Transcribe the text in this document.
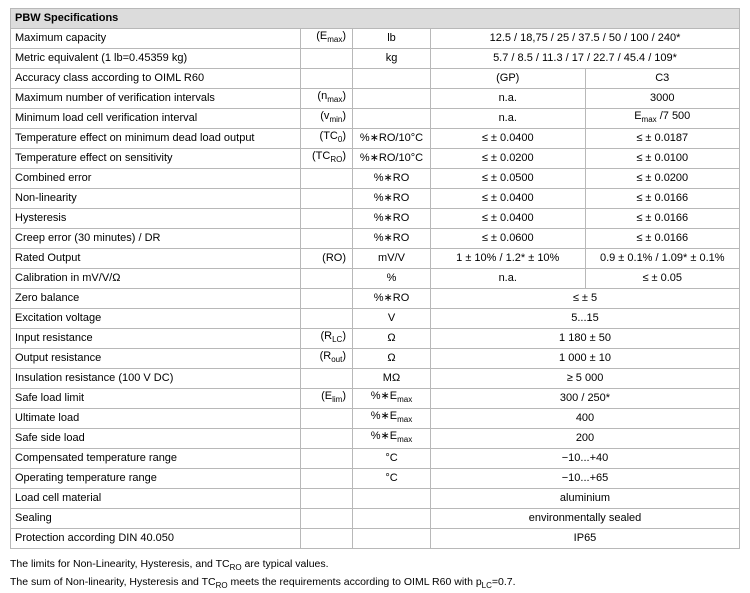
PBW Specifications				
Maximum capacity	$(E_{max})$	lb	12.5 / 18,75 / 25 / 37.5 / 50 / 100 / 240*	
Metric equivalent (1 lb=0.45359 kg)		kg	5.7 / 8.5 / 11.3 / 17 / 22.7 / 45.4 / 109*	
Accuracy class according to OIML R60			(GP)	C3
Maximum number of verification intervals	$(n_{max})$		n.a.	3000
Minimum load cell verification interval	$(v_{min})$		n.a.	$E_{max}$ /7 500
Temperature effect on minimum dead load output	$(TC_0)$	%∗RO/10°C	≤ ± 0.0400	≤ ± 0.0187
Temperature effect on sensitivity	$(TC_{RO})$	%∗RO/10°C	≤ ± 0.0200	≤ ± 0.0100
Combined error		%∗RO	≤ ± 0.0500	≤ ± 0.0200
Non-linearity		%∗RO	≤ ± 0.0400	≤ ± 0.0166
Hysteresis		%∗RO	≤ ± 0.0400	≤ ± 0.0166
Creep error (30 minutes) / DR		%∗RO	≤ ± 0.0600	≤ ± 0.0166
Rated Output	(RO)	mV/V	1 ± 10% / 1.2* ± 10%	0.9 ± 0.1% / 1.09* ± 0.1%
Calibration in mV/V/Ω		%	n.a.	≤ ± 0.05
Zero balance		%∗RO	≤ ± 5	
Excitation voltage		V	5...15	
Input resistance	$(R_{LC})$	Ω	1 180 ± 50	
Output resistance	$(R_{out})$	Ω	1 000 ± 10	
Insulation resistance (100 V DC)		MΩ	≥ 5 000	
Safe load limit	$(E_{lim})$	$\%∗E_{max}$	300 / 250*	
Ultimate load		$\%∗E_{max}$	400	
Safe side load		$\%∗E_{max}$	200	
Compensated temperature range		°C	−10...+40	
Operating temperature range		°C	−10...+65	
Load cell material			aluminium	
Sealing			environmentally sealed	
Protection according DIN 40.050			IP65	
The limits for Non-Linearity, Hysteresis, and $TC_{RO}$ are typical values.
The sum of Non-linearity, Hysteresis and $TC_{RO}$ meets the requirements according to OIML R60 with $p_{LC}=0.7$.
